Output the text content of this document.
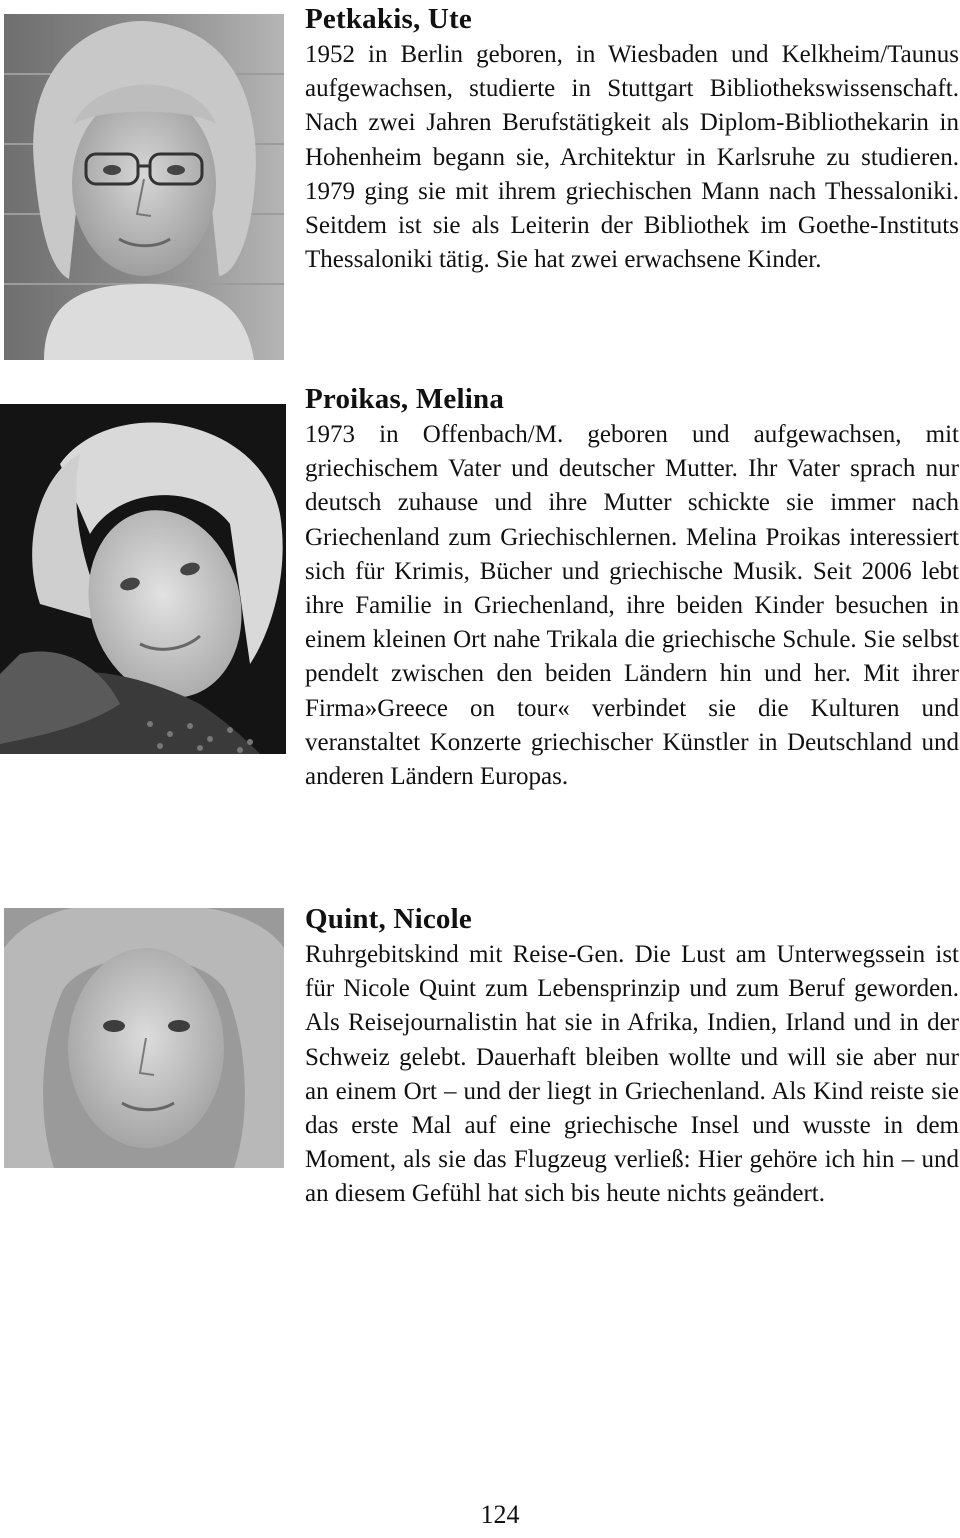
Petkakis, Ute

1952 in Berlin geboren, in Wiesbaden und Kelkheim/Taunus aufgewachsen, studierte in Stuttgart Bibliothekswissenschaft. Nach zwei Jahren Berufstätigkeit als Diplom-Bibliothekarin in Hohenheim begann sie, Architektur in Karlsruhe zu studieren. 1979 ging sie mit ihrem griechischen Mann nach Thessaloniki. Seitdem ist sie als Leiterin der Bibliothek im Goethe-Instituts Thessaloniki tätig. Sie hat zwei erwachsene Kinder.

Proikas, Melina

1973 in Offenbach/M. geboren und aufgewachsen, mit griechischem Vater und deutscher Mutter. Ihr Vater sprach nur deutsch zuhause und ihre Mutter schickte sie immer nach Griechenland zum Griechischlernen. Melina Proikas interessiert sich für Krimis, Bücher und griechische Musik. Seit 2006 lebt ihre Familie in Griechenland, ihre beiden Kinder besuchen in einem kleinen Ort nahe Trikala die griechische Schule. Sie selbst pendelt zwischen den beiden Ländern hin und her. Mit ihrer Firma»Greece on tour« verbindet sie die Kulturen und veranstaltet Konzerte griechischer Künstler in Deutschland und anderen Ländern Europas.

Quint, Nicole

Ruhrgebitskind mit Reise-Gen. Die Lust am Unterwegssein ist für Nicole Quint zum Lebensprinzip und zum Beruf geworden. Als Reisejournalistin hat sie in Afrika, Indien, Irland und in der Schweiz gelebt. Dauerhaft bleiben wollte und will sie aber nur an einem Ort – und der liegt in Griechenland. Als Kind reiste sie das erste Mal auf eine griechische Insel und wusste in dem Moment, als sie das Flugzeug verließ: Hier gehöre ich hin – und an diesem Gefühl hat sich bis heute nichts geändert.

124
